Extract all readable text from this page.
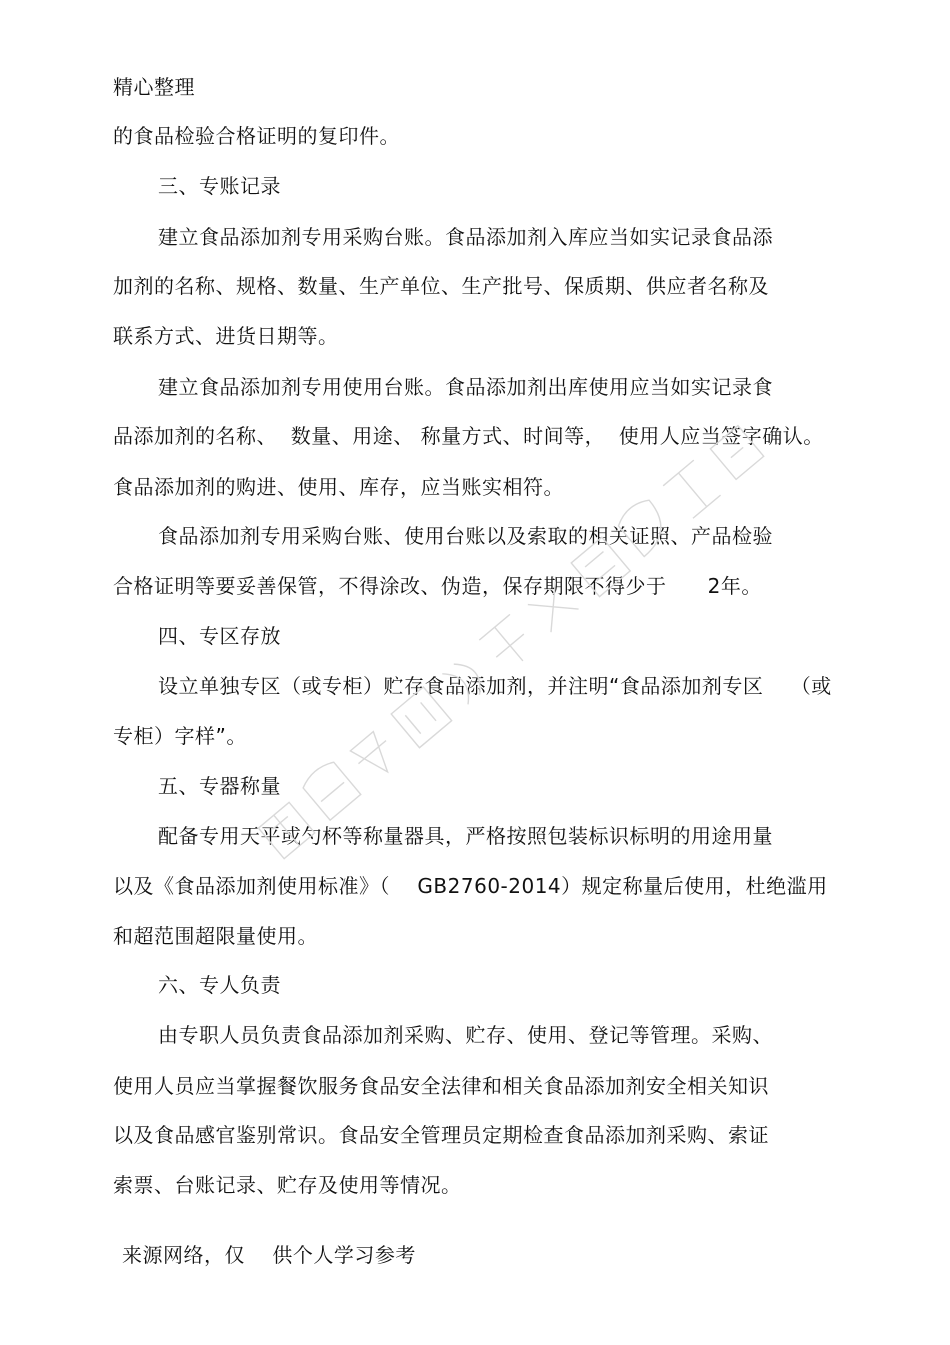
精心整理
的食品检验合格证明的复印件。
三、专账记录
建立食品添加剂专用采购台账。食品添加剂入库应当如实记录食品添
加剂的名称、规格、数量、生产单位、生产批号、保质期、供应者名称及
联系方式、进货日期等。
建立食品添加剂专用使用台账。食品添加剂出库使用应当如实记录食
品添加剂的名称、  数量、用途、 称量方式、时间等，  使用人应当签字确认。
食品添加剂的购进、使用、库存，应当账实相符。
食品添加剂专用采购台账、使用台账以及索取的相关证照、产品检验
合格证明等要妥善保管，不得涂改、伪造，保存期限不得少于      2年。
四、专区存放
设立单独专区（或专柜）贮存食品添加剂，并注明“食品添加剂专区    （或
专柜）字样”。
五、专器称量
配备专用天平或勺杯等称量器具，严格按照包装标识标明的用途用量
以及《食品添加剂使用标准》（    GB2760-2014）规定称量后使用，杜绝滥用
和超范围超限量使用。
六、专人负责
由专职人员负责食品添加剂采购、贮存、使用、登记等管理。采购、
使用人员应当掌握餐饮服务食品安全法律和相关食品添加剂安全相关知识
以及食品感官鉴别常识。食品安全管理员定期检查食品添加剂采购、索证
索票、台账记录、贮存及使用等情况。
来源网络，仅    供个人学习参考
